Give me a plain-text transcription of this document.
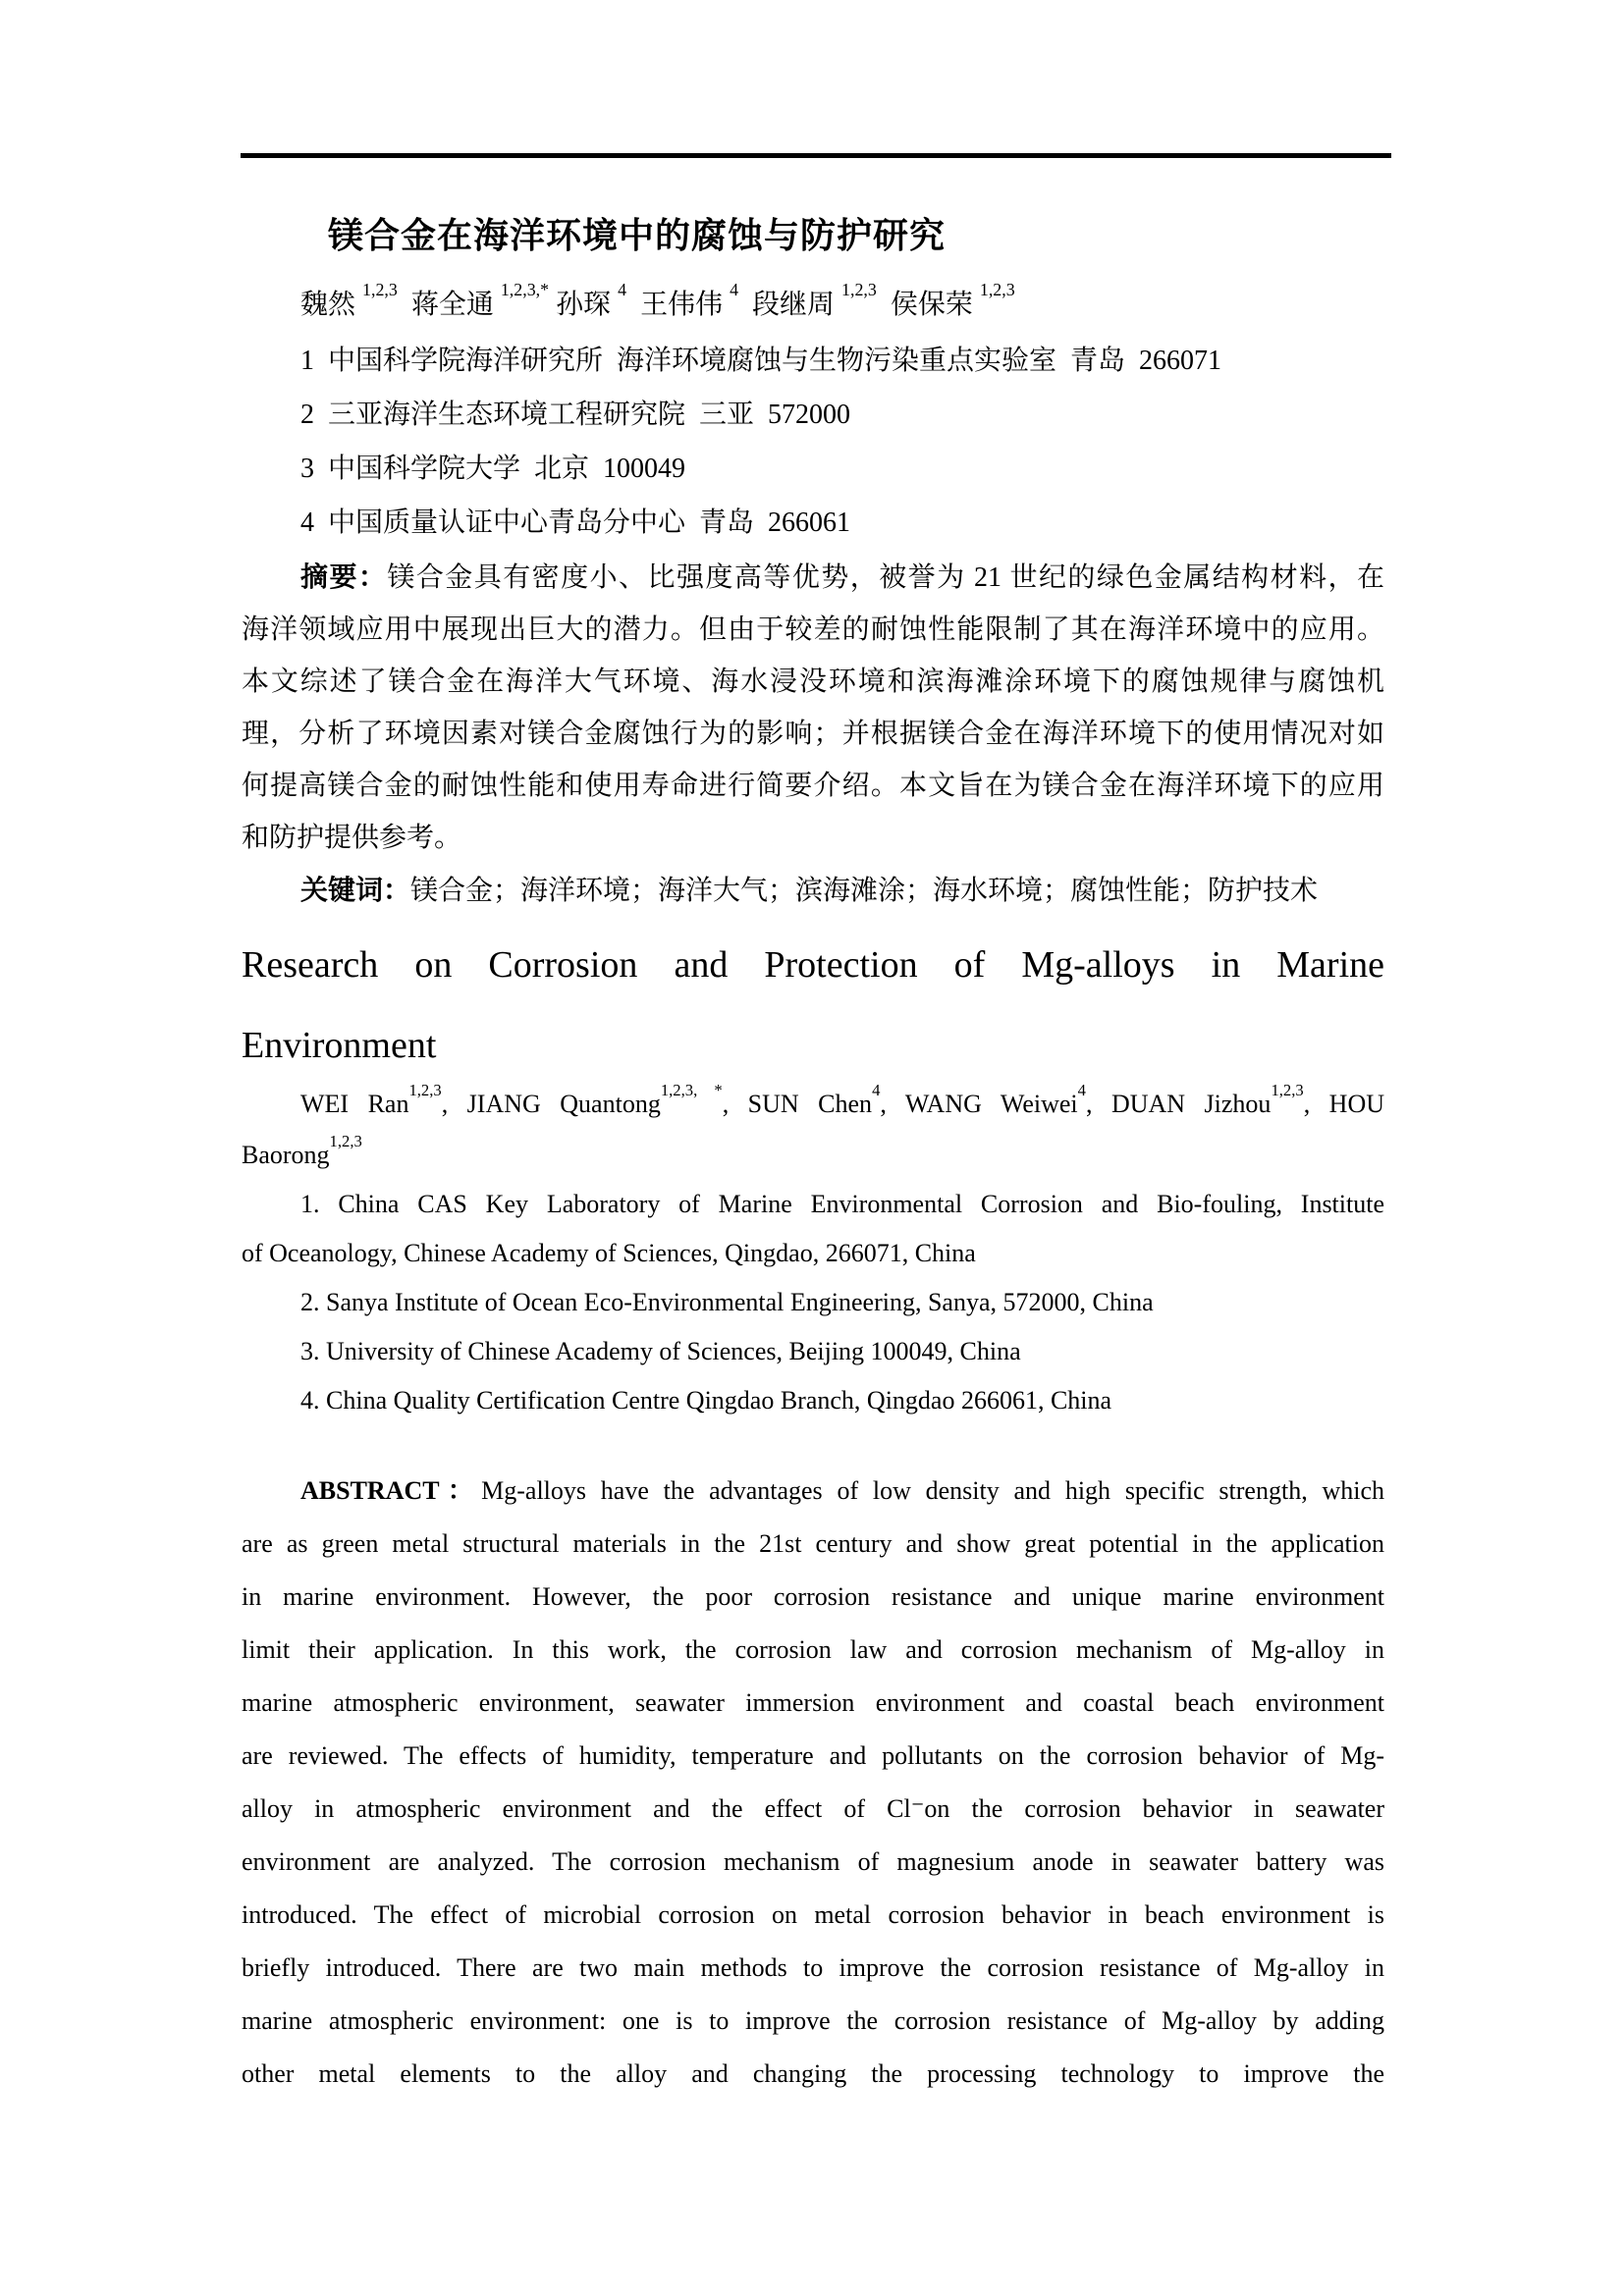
镁合金在海洋环境中的腐蚀与防护研究
魏然 $^{1,2,3}$  蒋全通 $^{1,2,3,*}$ 孙琛 $^4$  王伟伟 $^4$  段继周 $^{1,2,3}$  侯保荣 $^{1,2,3}$
1  中国科学院海洋研究所  海洋环境腐蚀与生物污染重点实验室  青岛  266071
2  三亚海洋生态环境工程研究院  三亚  572000
3  中国科学院大学  北京  100049
4  中国质量认证中心青岛分中心  青岛  266061
摘要：镁合金具有密度小、比强度高等优势，被誉为 21 世纪的绿色金属结构材料，在
海洋领域应用中展现出巨大的潜力。但由于较差的耐蚀性能限制了其在海洋环境中的应用。
本文综述了镁合金在海洋大气环境、海水浸没环境和滨海滩涂环境下的腐蚀规律与腐蚀机
理，分析了环境因素对镁合金腐蚀行为的影响；并根据镁合金在海洋环境下的使用情况对如
何提高镁合金的耐蚀性能和使用寿命进行简要介绍。本文旨在为镁合金在海洋环境下的应用
和防护提供参考。
关键词：镁合金；海洋环境；海洋大气；滨海滩涂；海水环境；腐蚀性能；防护技术
Research on Corrosion and Protection of Mg-alloys in Marine
Environment
WEI Ran$^{1,2,3}$, JIANG Quantong$^{1,2,3, *}$, SUN Chen$^4$, WANG Weiwei$^4$, DUAN Jizhou$^{1,2,3}$, HOU
Baorong$^{1,2,3}$
1. China CAS Key Laboratory of Marine Environmental Corrosion and Bio-fouling, Institute
of Oceanology, Chinese Academy of Sciences, Qingdao, 266071, China
2. Sanya Institute of Ocean Eco-Environmental Engineering, Sanya, 572000, China
3. University of Chinese Academy of Sciences, Beijing 100049, China
4. China Quality Certification Centre Qingdao Branch, Qingdao 266061, China
ABSTRACT：Mg-alloys have the advantages of low density and high specific strength, which
are as green metal structural materials in the 21st century and show great potential in the application
in marine environment. However, the poor corrosion resistance and unique marine environment
limit their application. In this work, the corrosion law and corrosion mechanism of Mg-alloy in
marine atmospheric environment, seawater immersion environment and coastal beach environment
are reviewed. The effects of humidity, temperature and pollutants on the corrosion behavior of Mg-
alloy in atmospheric environment and the effect of Cl⁻on the corrosion behavior in seawater
environment are analyzed. The corrosion mechanism of magnesium anode in seawater battery was
introduced. The effect of microbial corrosion on metal corrosion behavior in beach environment is
briefly introduced. There are two main methods to improve the corrosion resistance of Mg-alloy in
marine atmospheric environment: one is to improve the corrosion resistance of Mg-alloy by adding
other metal elements to the alloy and changing the processing technology to improve the
